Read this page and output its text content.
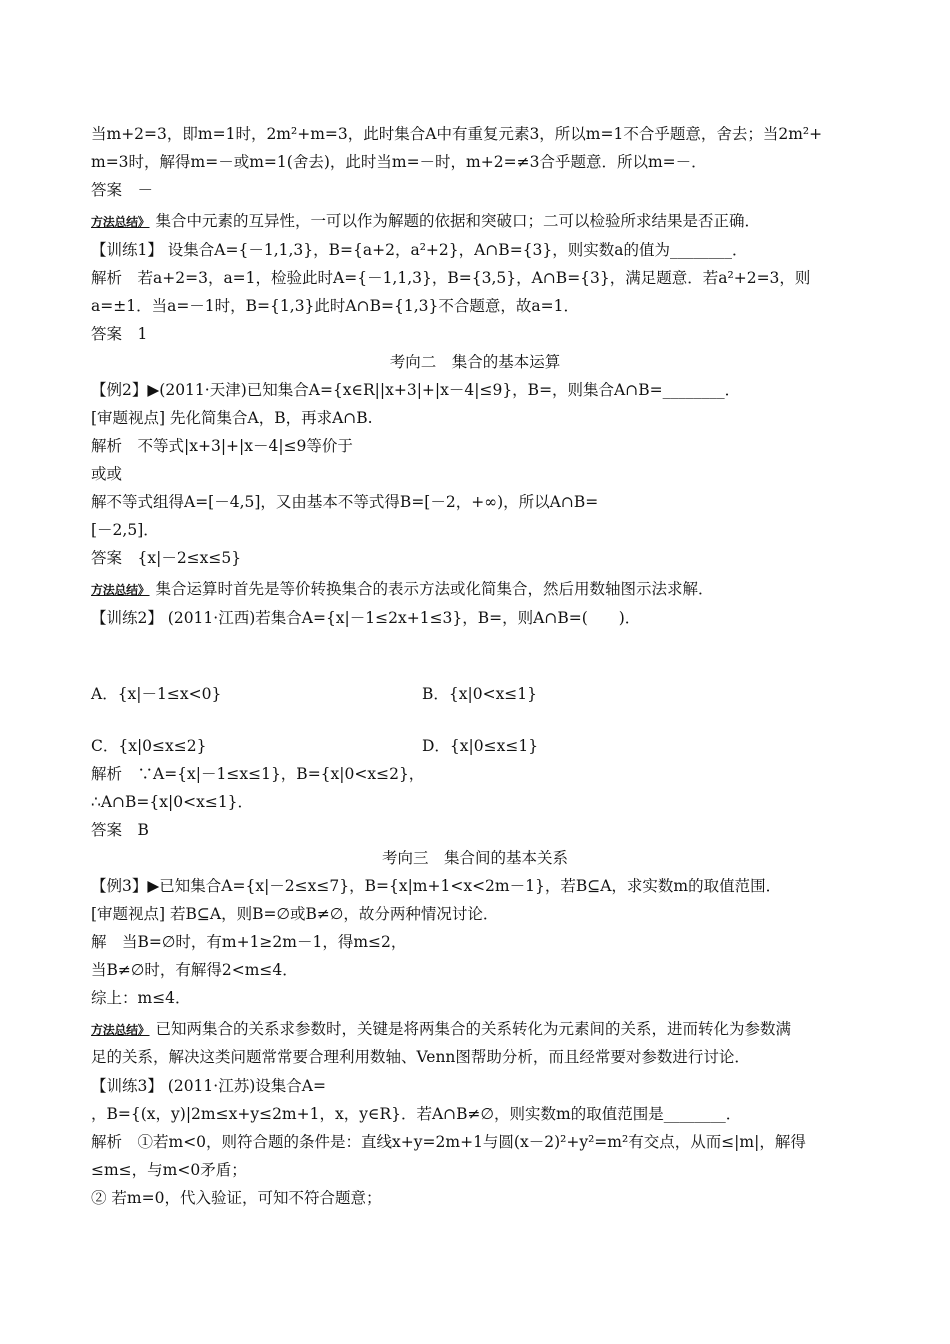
当m+2=3，即m=1时，2m²+m=3，此时集合A中有重复元素3，所以m=1不合乎题意，舍去；当2m²+
m=3时，解得m=－或m=1(舍去)，此时当m=－时，m+2=≠3合乎题意．所以m=－．
答案　－
方法总结》 集合中元素的互异性，一可以作为解题的依据和突破口；二可以检验所求结果是否正确．
【训练1】 设集合A={－1,1,3}，B={a+2，a²+2}，A∩B={3}，则实数a的值为________．
解析　若a+2=3，a=1，检验此时A={－1,1,3}，B={3,5}，A∩B={3}，满足题意．若a²+2=3，则
a=±1．当a=－1时，B={1,3}此时A∩B={1,3}不合题意，故a=1．
答案　1
考向二　集合的基本运算
【例2】▶(2011·天津)已知集合A={x∈R||x+3|+|x－4|≤9}，B=，则集合A∩B=________．
[审题视点] 先化简集合A，B，再求A∩B.
解析　不等式|x+3|+|x－4|≤9等价于
或或
解不等式组得A=[－4,5]，又由基本不等式得B=[－2，+∞)，所以A∩B=
[－2,5]．
答案　{x|－2≤x≤5}
方法总结》 集合运算时首先是等价转换集合的表示方法或化简集合，然后用数轴图示法求解．
【训练2】 (2011·江西)若集合A={x|－1≤2x+1≤3}，B=，则A∩B=(　　)．
A．{x|－1≤x<0}	B．{x|0<x≤1}
C．{x|0≤x≤2}	D．{x|0≤x≤1}
解析　∵A={x|－1≤x≤1}，B={x|0<x≤2}，
∴A∩B={x|0<x≤1}．
答案　B
考向三　集合间的基本关系
【例3】▶已知集合A={x|－2≤x≤7}，B={x|m+1<x<2m－1}，若B⊆A，求实数m的取值范围．
[审题视点] 若B⊆A，则B=∅或B≠∅，故分两种情况讨论．
解　当B=∅时，有m+1≥2m－1，得m≤2，
当B≠∅时，有解得2<m≤4．
综上：m≤4．
方法总结》 已知两集合的关系求参数时，关键是将两集合的关系转化为元素间的关系，进而转化为参数满
足的关系，解决这类问题常常要合理利用数轴、Venn图帮助分析，而且经常要对参数进行讨论．
【训练3】 (2011·江苏)设集合A=
，B={(x，y)|2m≤x+y≤2m+1，x，y∈R}．若A∩B≠∅，则实数m的取值范围是________．
解析　①若m<0，则符合题的条件是：直线x+y=2m+1与圆(x－2)²+y²=m²有交点，从而≤|m|，解得
≤m≤，与m<0矛盾；
② 若m=0，代入验证，可知不符合题意；
